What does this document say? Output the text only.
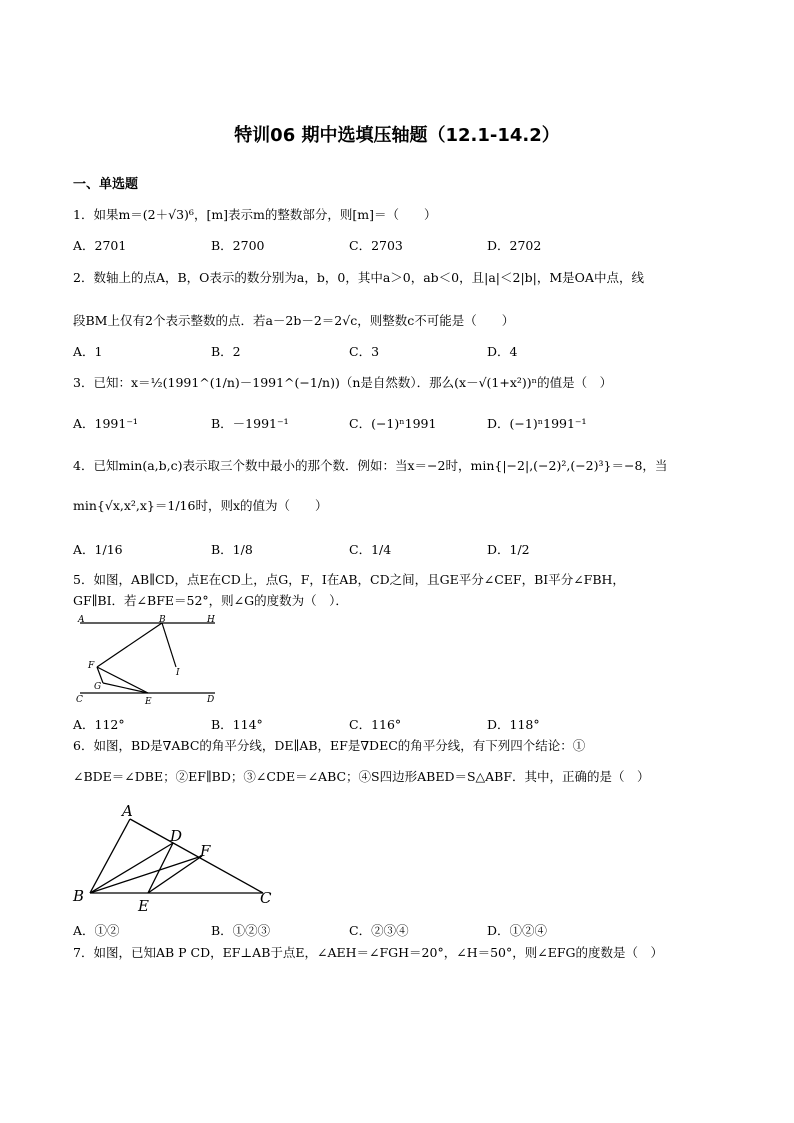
特训06 期中选填压轴题（12.1-14.2）
一、单选题
1．如果m＝(2＋√3)⁶，[m]表示m的整数部分，则[m]＝（　　）
A．2701	B．2700	C．2703	D．2702
2．数轴上的点A，B，O表示的数分别为a，b，0，其中a＞0，ab＜0，且|a|＜2|b|，M是OA中点，线
段BM上仅有2个表示整数的点．若a－2b－2＝2√c，则整数c不可能是（　　）
A．1	B．2	C．3	D．4
3．已知：x＝½(1991^(1/n)－1991^(−1/n))（n是自然数）．那么(x－√(1+x²))ⁿ的值是（　）
A．1991⁻¹	B．－1991⁻¹	C．(−1)ⁿ1991	D．(−1)ⁿ1991⁻¹
4．已知min(a,b,c)表示取三个数中最小的那个数．例如：当x＝−2时，min{|−2|,(−2)²,(−2)³}＝−8，当
min{√x,x²,x}＝1/16时，则x的值为（　　）
A．1/16	B．1/8	C．1/4	D．1/2
5．如图，AB∥CD，点E在CD上，点G，F，I在AB，CD之间，且GE平分∠CEF，BI平分∠FBH，
GF∥BI．若∠BFE＝52°，则∠G的度数为（　）．
A	B	H
F
I
G
C	E	D
A．112°	B．114°	C．116°	D．118°
6．如图，BD是∇ABC的角平分线，DE∥AB，EF是∇DEC的角平分线，有下列四个结论：①
∠BDE＝∠DBE；②EF∥BD；③∠CDE＝∠ABC；④S四边形ABED＝S△ABF．其中，正确的是（　）
A
D
F
B
E	C
A．①②	B．①②③	C．②③④	D．①②④
7．如图，已知AB P CD，EF⊥AB于点E，∠AEH＝∠FGH＝20°，∠H＝50°，则∠EFG的度数是（　）
